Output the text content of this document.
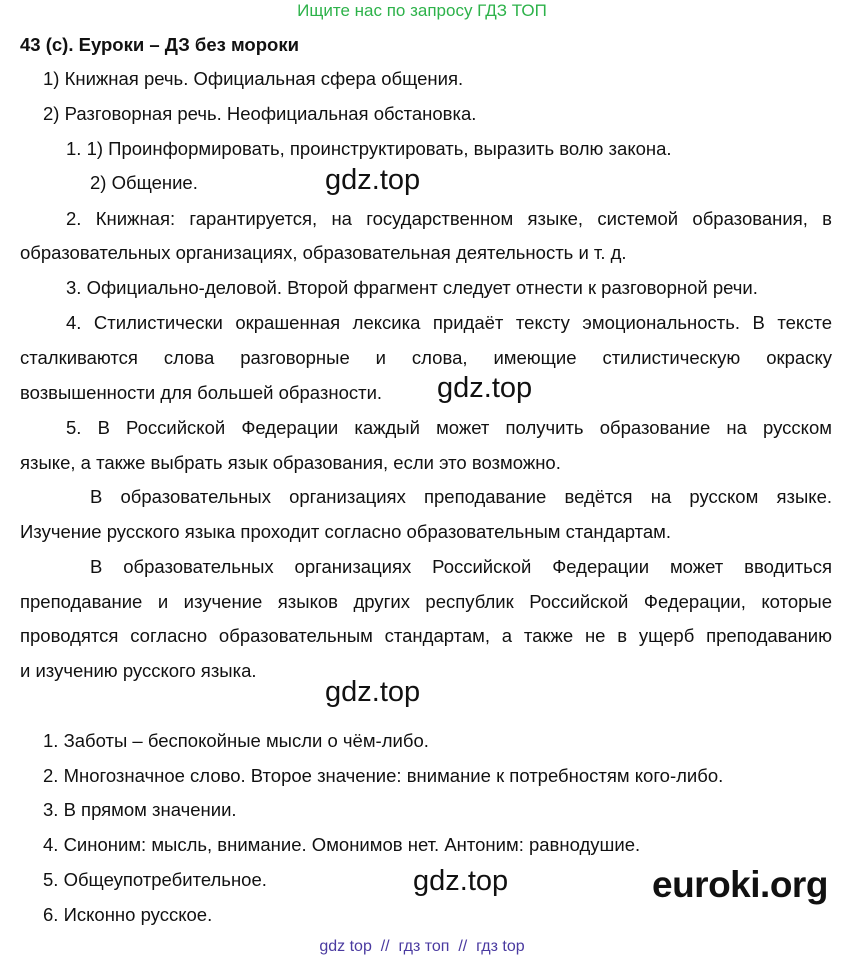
Ищите нас по запросу ГДЗ ТОП
43 (с). Еуроки – ДЗ без мороки
1) Книжная речь. Официальная сфера общения.
2) Разговорная речь. Неофициальная обстановка.
1. 1) Проинформировать, проинструктировать, выразить волю закона.
2) Общение.	gdz.top
2. Книжная: гарантируется, на государственном языке, системой образования, в
образовательных организациях, образовательная деятельность и т. д.
3. Официально-деловой. Второй фрагмент следует отнести к разговорной речи.
4. Стилистически окрашенная лексика придаёт тексту эмоциональность. В тексте
сталкиваются слова разговорные и слова, имеющие стилистическую окраску
возвышенности для большей образности. gdz.top
5. В Российской Федерации каждый может получить образование на русском
языке, а также выбрать язык образования, если это возможно.
В образовательных организациях преподавание ведётся на русском языке.
Изучение русского языка проходит согласно образовательным стандартам.
В образовательных организациях Российской Федерации может вводиться
преподавание и изучение языков других республик Российской Федерации, которые
проводятся согласно образовательным стандартам, а также не в ущерб преподаванию
и изучению русского языка.
gdz.top
1. Заботы – беспокойные мысли о чём-либо.
2. Многозначное слово. Второе значение: внимание к потребностям кого-либо.
3. В прямом значении.
4. Синоним: мысль, внимание. Омонимов нет. Антоним: равнодушие.
5. Общеупотребительное.
6. Исконно русское.
gdz.top	euroki.org
gdz top // гдз топ // гдз top
